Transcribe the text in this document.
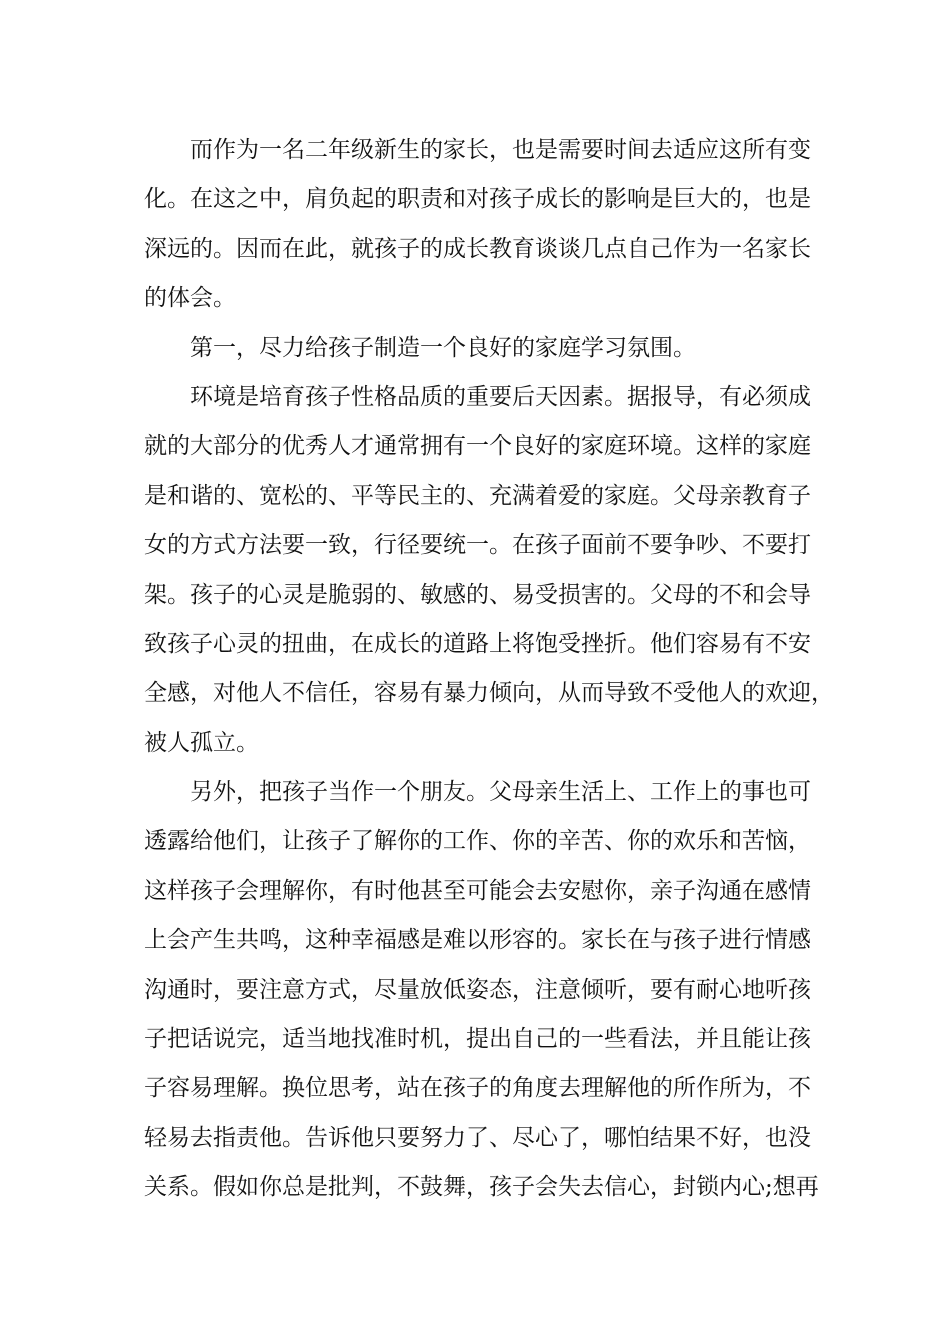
而作为一名二年级新生的家长，也是需要时间去适应这所有变
化。在这之中，肩负起的职责和对孩子成长的影响是巨大的，也是
深远的。因而在此，就孩子的成长教育谈谈几点自己作为一名家长
的体会。
第一，尽力给孩子制造一个良好的家庭学习氛围。
环境是培育孩子性格品质的重要后天因素。据报导，有必须成
就的大部分的优秀人才通常拥有一个良好的家庭环境。这样的家庭
是和谐的、宽松的、平等民主的、充满着爱的家庭。父母亲教育子
女的方式方法要一致，行径要统一。在孩子面前不要争吵、不要打
架。孩子的心灵是脆弱的、敏感的、易受损害的。父母的不和会导
致孩子心灵的扭曲，在成长的道路上将饱受挫折。他们容易有不安
全感，对他人不信任，容易有暴力倾向，从而导致不受他人的欢迎，
被人孤立。
另外，把孩子当作一个朋友。父母亲生活上、工作上的事也可
透露给他们，让孩子了解你的工作、你的辛苦、你的欢乐和苦恼，
这样孩子会理解你，有时他甚至可能会去安慰你，亲子沟通在感情
上会产生共鸣，这种幸福感是难以形容的。家长在与孩子进行情感
沟通时，要注意方式，尽量放低姿态，注意倾听，要有耐心地听孩
子把话说完，适当地找准时机，提出自己的一些看法，并且能让孩
子容易理解。换位思考，站在孩子的角度去理解他的所作所为，不
轻易去指责他。告诉他只要努力了、尽心了，哪怕结果不好，也没
关系。假如你总是批判，不鼓舞，孩子会失去信心，封锁内心;想再
